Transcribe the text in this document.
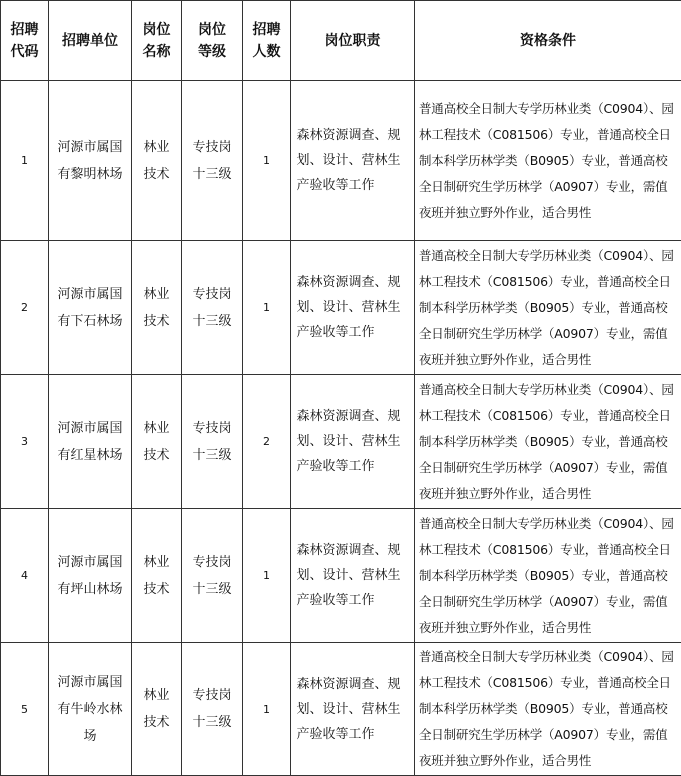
招聘代码	招聘单位	岗位名称	岗位等级	招聘人数	岗位职责	资格条件
1	河源市属国有黎明林场	林业技术	专技岗十三级	1	森林资源调查、规划、设计、营林生产验收等工作	普通高校全日制大专学历林业类（C0904）、园林工程技术（C081506）专业，普通高校全日制本科学历林学类（B0905）专业，普通高校全日制研究生学历林学（A0907）专业，需值夜班并独立野外作业，适合男性
2	河源市属国有下石林场	林业技术	专技岗十三级	1	森林资源调查、规划、设计、营林生产验收等工作	普通高校全日制大专学历林业类（C0904）、园林工程技术（C081506）专业，普通高校全日制本科学历林学类（B0905）专业，普通高校全日制研究生学历林学（A0907）专业，需值夜班并独立野外作业，适合男性
3	河源市属国有红星林场	林业技术	专技岗十三级	2	森林资源调查、规划、设计、营林生产验收等工作	普通高校全日制大专学历林业类（C0904）、园林工程技术（C081506）专业，普通高校全日制本科学历林学类（B0905）专业，普通高校全日制研究生学历林学（A0907）专业，需值夜班并独立野外作业，适合男性
4	河源市属国有坪山林场	林业技术	专技岗十三级	1	森林资源调查、规划、设计、营林生产验收等工作	普通高校全日制大专学历林业类（C0904）、园林工程技术（C081506）专业，普通高校全日制本科学历林学类（B0905）专业，普通高校全日制研究生学历林学（A0907）专业，需值夜班并独立野外作业，适合男性
5	河源市属国有牛岭水林场	林业技术	专技岗十三级	1	森林资源调查、规划、设计、营林生产验收等工作	普通高校全日制大专学历林业类（C0904）、园林工程技术（C081506）专业，普通高校全日制本科学历林学类（B0905）专业，普通高校全日制研究生学历林学（A0907）专业，需值夜班并独立野外作业，适合男性
